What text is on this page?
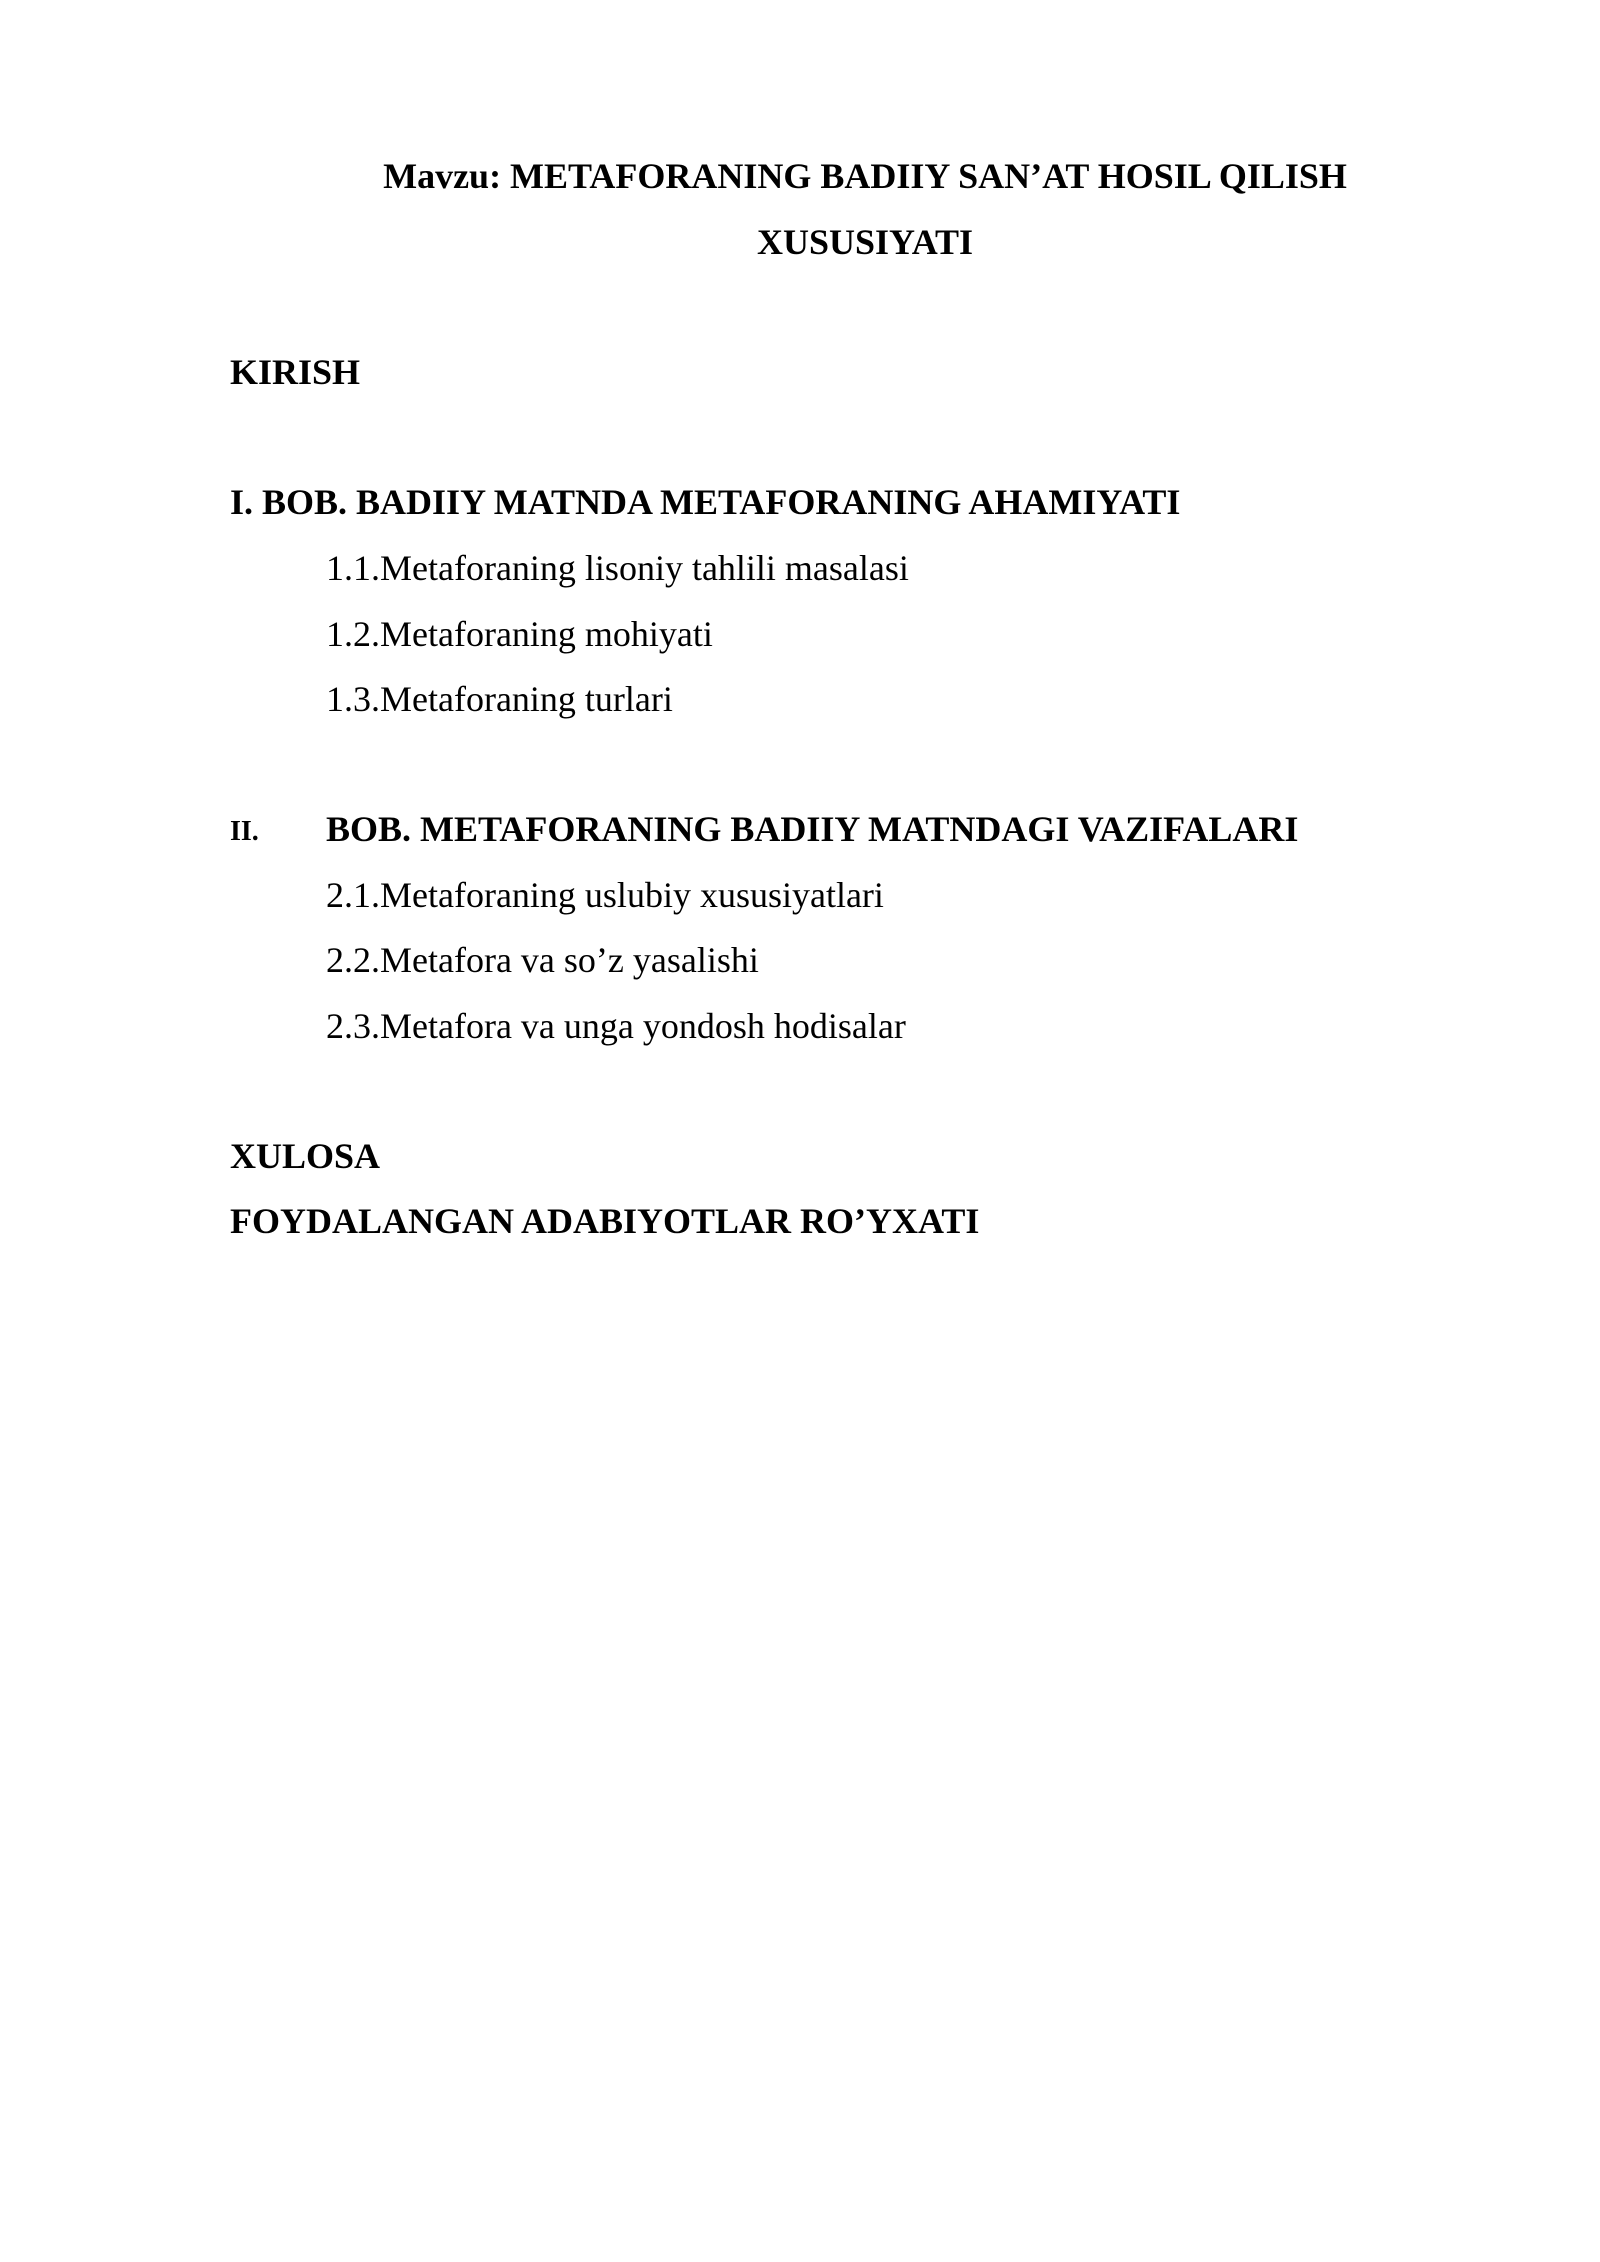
Mavzu: METAFORANING BADIIY SAN’AT HOSIL QILISH
XUSUSIYATI
KIRISH
I. BOB. BADIIY MATNDA METAFORANING AHAMIYATI
1.1.Metaforaning lisoniy tahlili masalasi
1.2.Metaforaning mohiyati
1.3.Metaforaning turlari
II. BOB. METAFORANING BADIIY MATNDAGI VAZIFALARI
2.1.Metaforaning uslubiy xususiyatlari
2.2.Metafora va so’z yasalishi
2.3.Metafora va unga yondosh hodisalar
XULOSA
FOYDALANGAN ADABIYOTLAR RO’YXATI
